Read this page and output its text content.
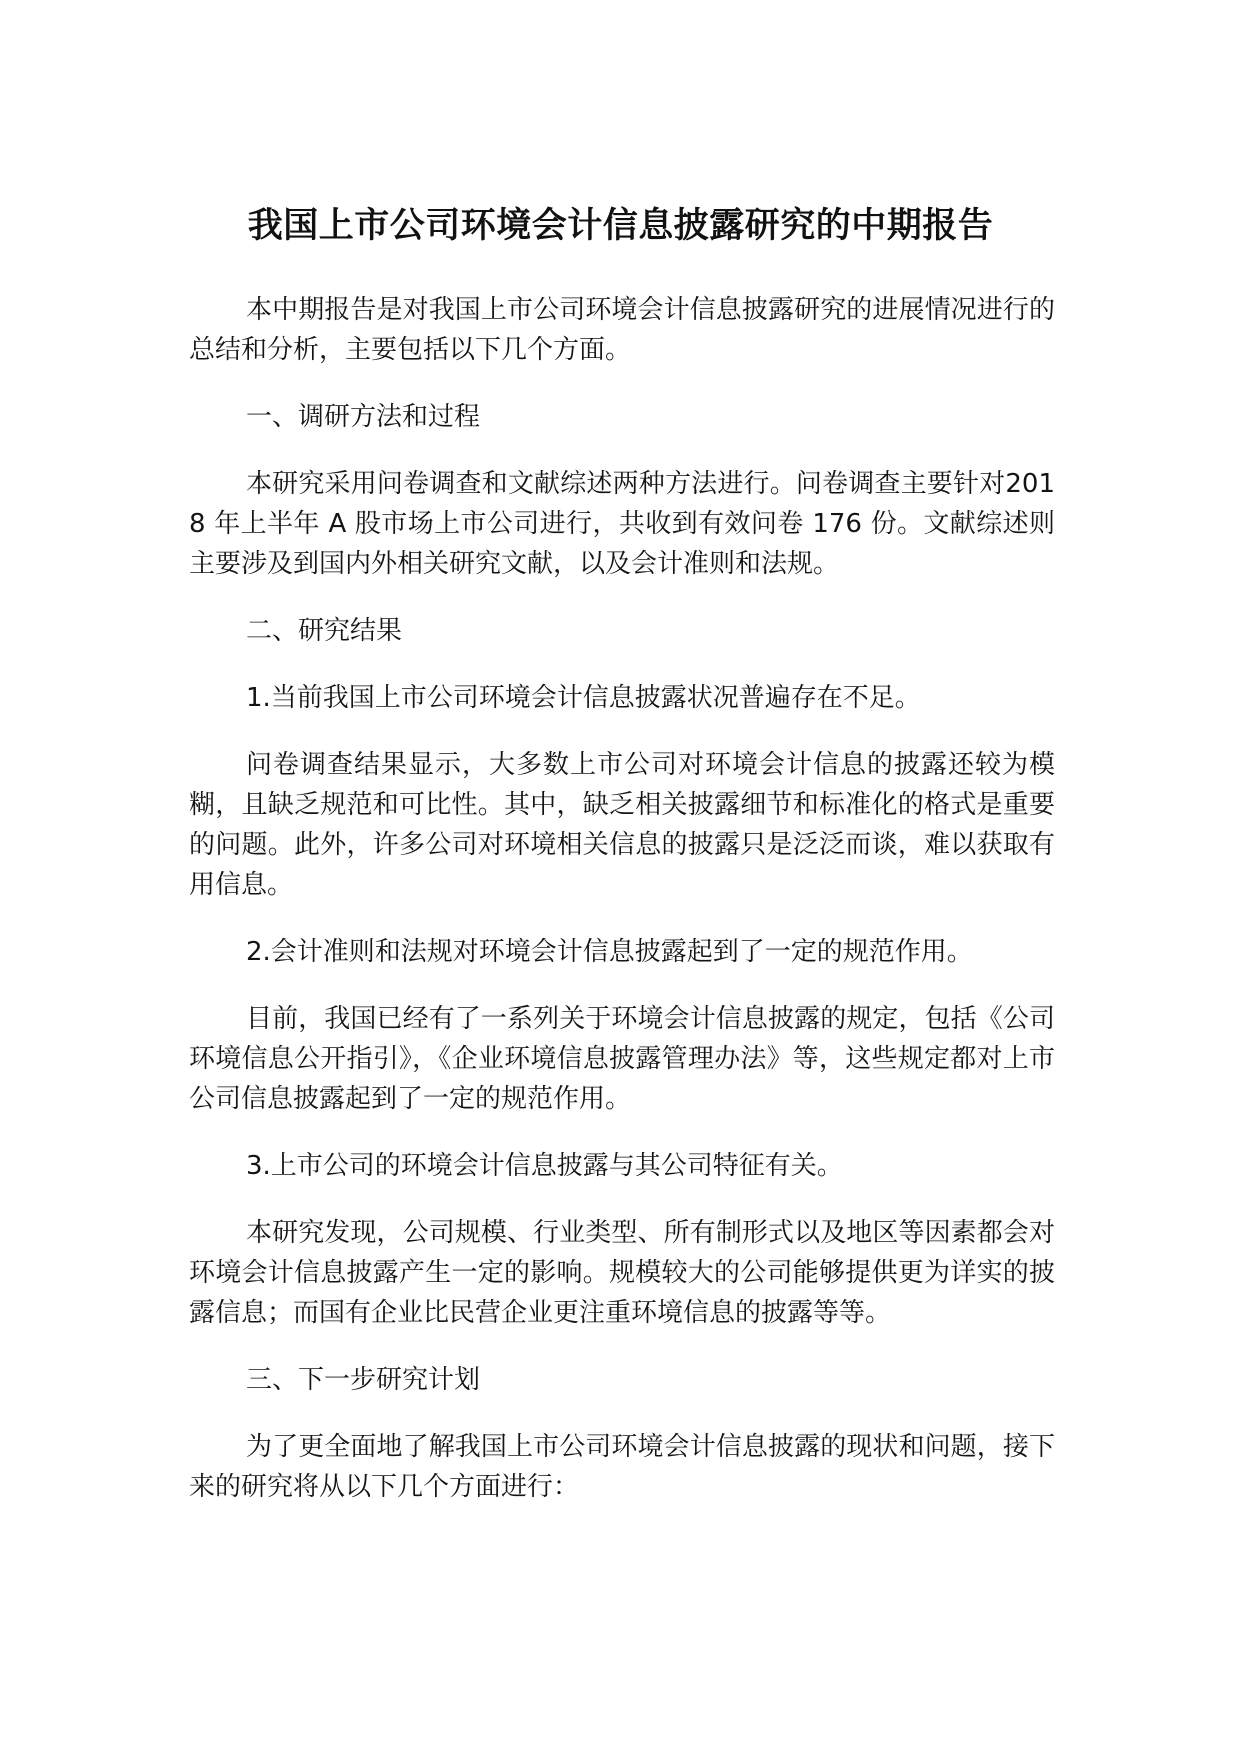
我国上市公司环境会计信息披露研究的中期报告

本中期报告是对我国上市公司环境会计信息披露研究的进展情况进行的总结和分析，主要包括以下几个方面。

一、调研方法和过程

本研究采用问卷调查和文献综述两种方法进行。问卷调查主要针对2018 年上半年 A 股市场上市公司进行，共收到有效问卷 176 份。文献综述则主要涉及到国内外相关研究文献，以及会计准则和法规。

二、研究结果

1.当前我国上市公司环境会计信息披露状况普遍存在不足。

问卷调查结果显示，大多数上市公司对环境会计信息的披露还较为模糊，且缺乏规范和可比性。其中，缺乏相关披露细节和标准化的格式是重要的问题。此外，许多公司对环境相关信息的披露只是泛泛而谈，难以获取有用信息。

2.会计准则和法规对环境会计信息披露起到了一定的规范作用。

目前，我国已经有了一系列关于环境会计信息披露的规定，包括《公司环境信息公开指引》，《企业环境信息披露管理办法》等，这些规定都对上市公司信息披露起到了一定的规范作用。

3.上市公司的环境会计信息披露与其公司特征有关。

本研究发现，公司规模、行业类型、所有制形式以及地区等因素都会对环境会计信息披露产生一定的影响。规模较大的公司能够提供更为详实的披露信息；而国有企业比民营企业更注重环境信息的披露等等。

三、下一步研究计划

为了更全面地了解我国上市公司环境会计信息披露的现状和问题，接下来的研究将从以下几个方面进行：
